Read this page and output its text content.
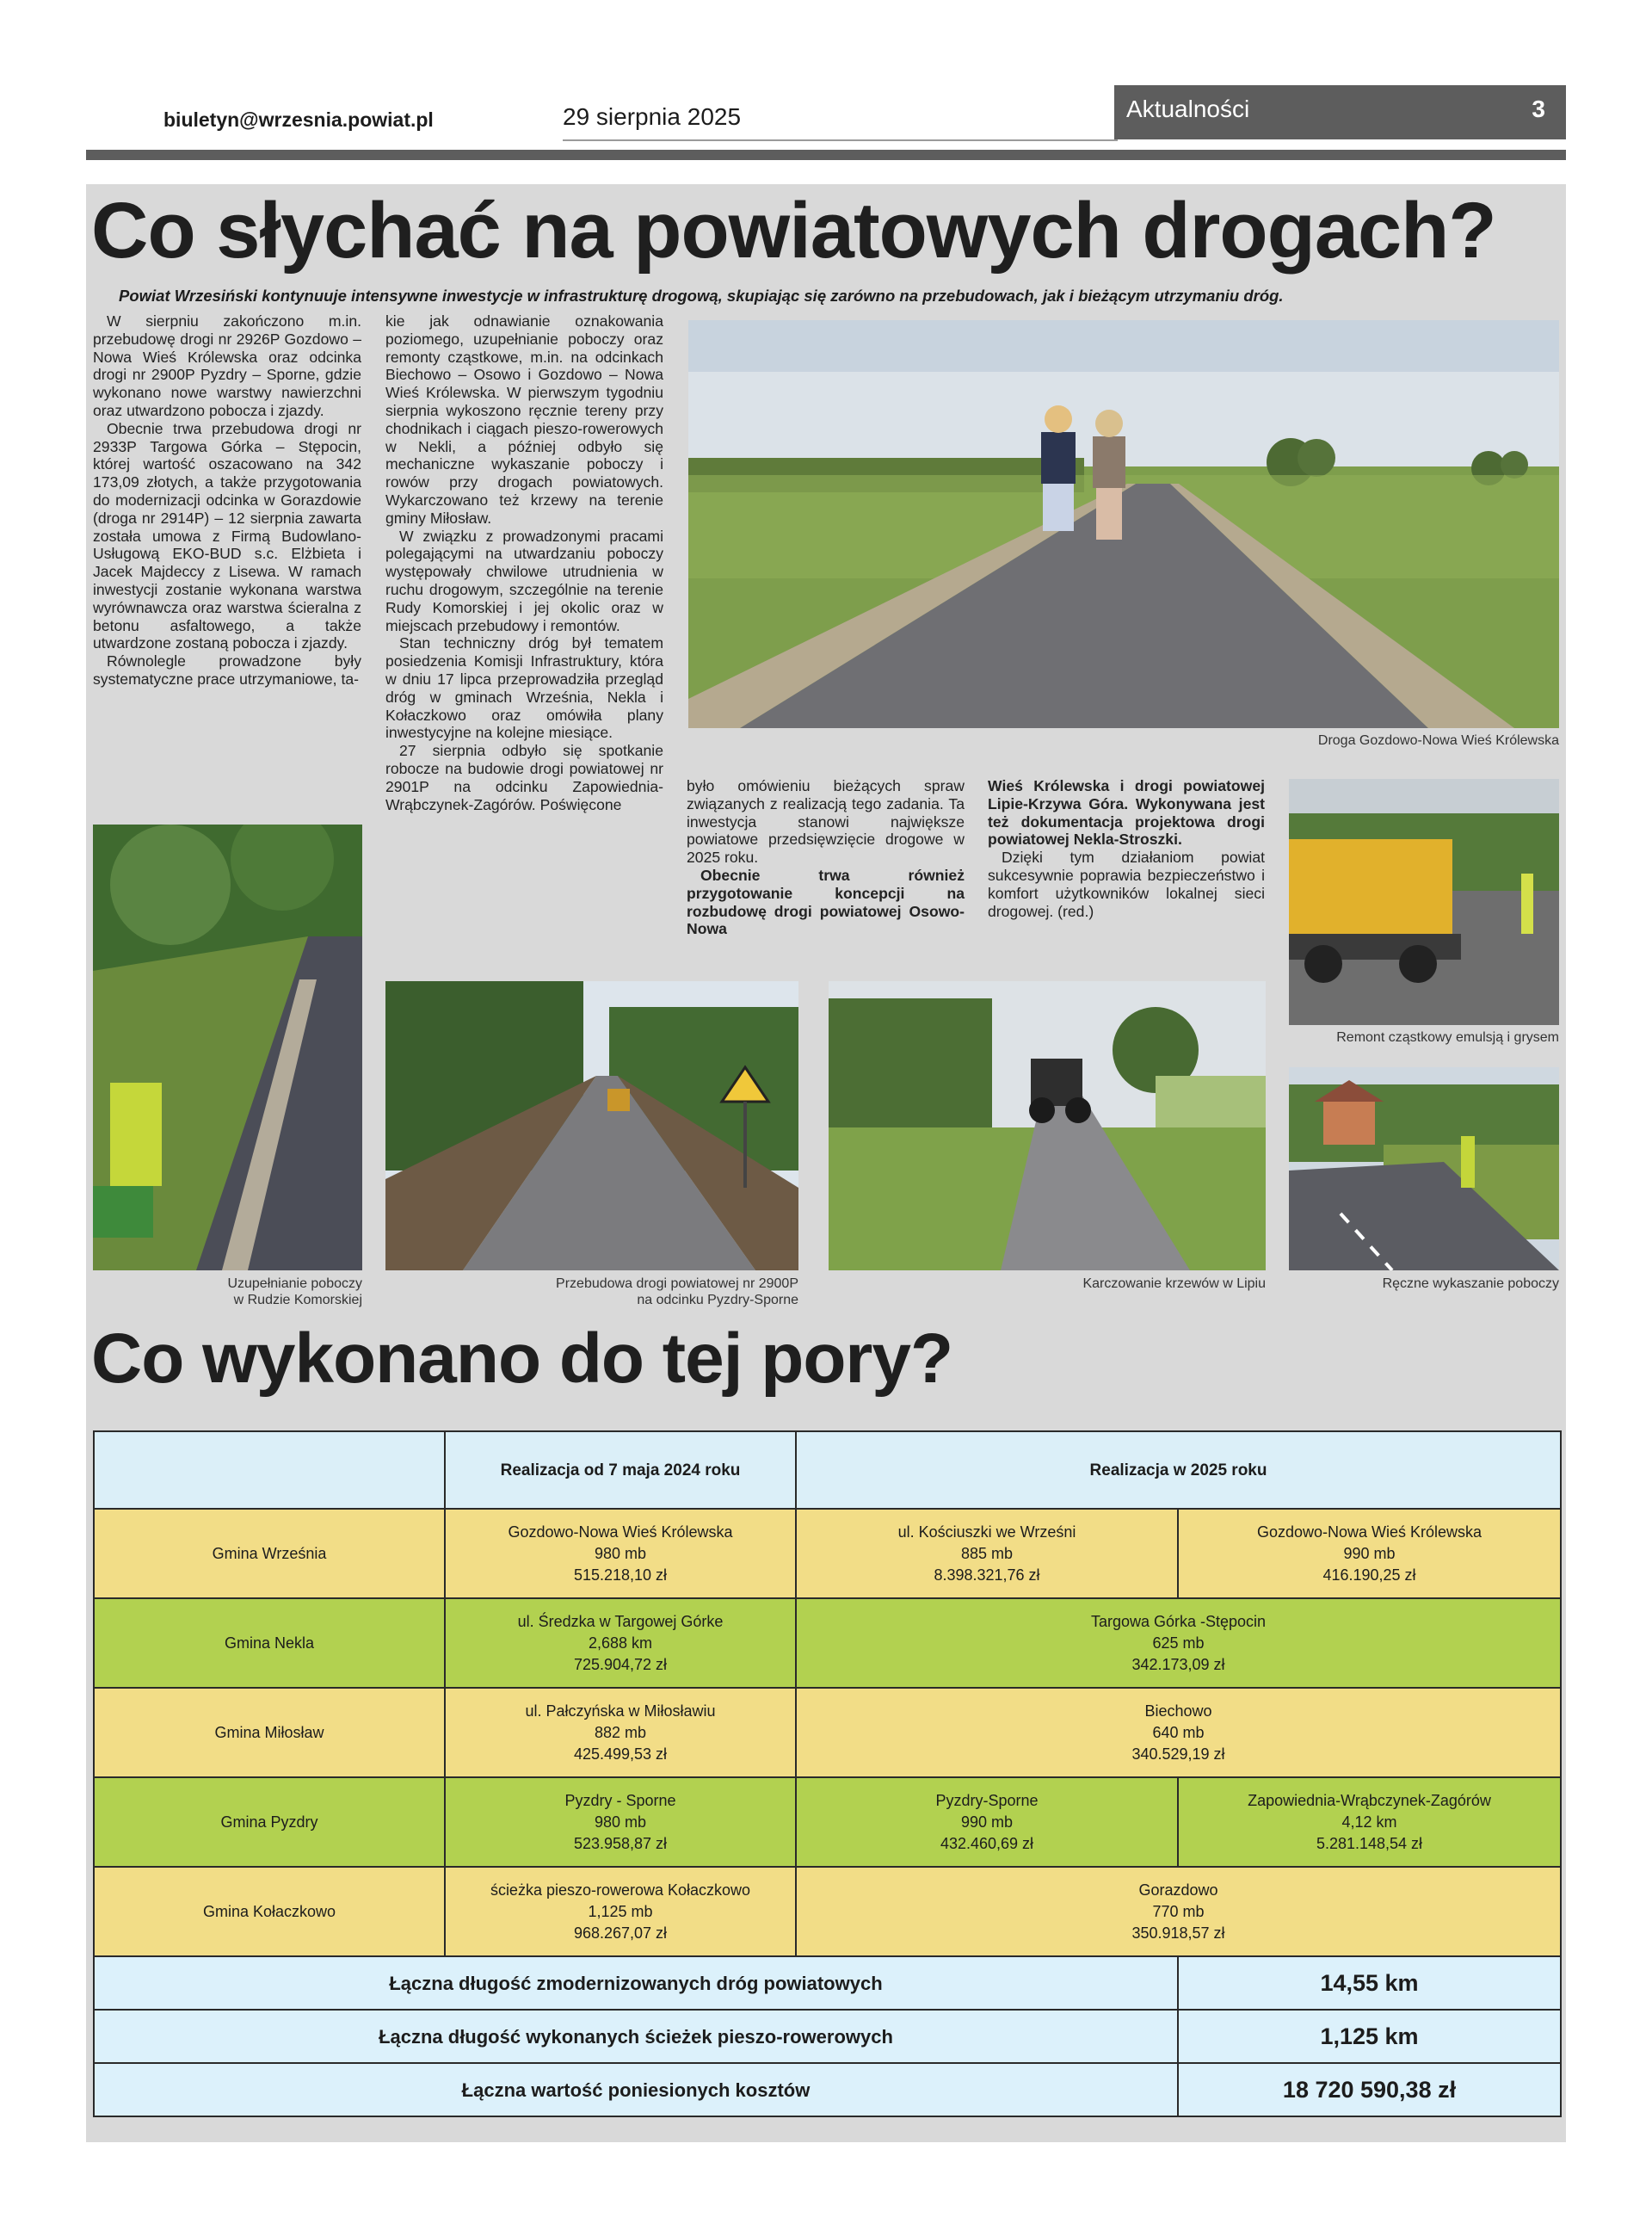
biuletyn@wrzesnia.powiat.pl	29 sierpnia 2025	Aktualności	3
Co słychać na powiatowych drogach?
Powiat Wrzesiński kontynuuje intensywne inwestycje w infrastrukturę drogową, skupiając się zarówno na przebudowach, jak i bieżącym utrzymaniu dróg.

W sierpniu zakończono m.in. przebudowę drogi nr 2926P Gozdowo – Nowa Wieś Królewska oraz odcinka drogi nr 2900P Pyzdry – Sporne, gdzie wykonano nowe warstwy nawierzchni oraz utwardzono pobocza i zjazdy.

Obecnie trwa przebudowa drogi nr 2933P Targowa Górka – Stępocin, której wartość oszacowano na 342 173,09 złotych, a także przygotowania do modernizacji odcinka w Gorazdowie (droga nr 2914P) – 12 sierpnia zawarta została umowa z Firmą Budowlano-Usługową EKO-BUD s.c. Elżbieta i Jacek Majdeccy z Lisewa. W ramach inwestycji zostanie wykonana warstwa wyrównawcza oraz warstwa ścieralna z betonu asfaltowego, a także utwardzone zostaną pobocza i zjazdy.

Równolegle prowadzone były systematyczne prace utrzymaniowe, ta-

kie jak odnawianie oznakowania poziomego, uzupełnianie poboczy oraz remonty cząstkowe, m.in. na odcinkach Biechowo – Osowo i Gozdowo – Nowa Wieś Królewska. W pierwszym tygodniu sierpnia wykoszono ręcznie tereny przy chodnikach i ciągach pieszo-rowerowych w Nekli, a później odbyło się mechaniczne wykaszanie poboczy i rowów przy drogach powiatowych. Wykarczowano też krzewy na terenie gminy Miłosław.

W związku z prowadzonymi pracami polegającymi na utwardzaniu poboczy występowały chwilowe utrudnienia w ruchu drogowym, szczególnie na terenie Rudy Komorskiej i jej okolic oraz w miejscach przebudowy i remontów.

Stan techniczny dróg był tematem posiedzenia Komisji Infrastruktury, która w dniu 17 lipca przeprowadziła przegląd dróg w gminach Września, Nekla i Kołaczkowo oraz omówiła plany inwestycyjne na kolejne miesiące.

27 sierpnia odbyło się spotkanie robocze na budowie drogi powiatowej nr 2901P na odcinku Zapowiednia-Wrąbczynek-Zagórów. Poświęcone

było omówieniu bieżących spraw związanych z realizacją tego zadania. Ta inwestycja stanowi największe powiatowe przedsięwzięcie drogowe w 2025 roku.

Obecnie trwa również przygotowanie koncepcji na rozbudowę drogi powiatowej Osowo-Nowa

Wieś Królewska i drogi powiatowej Lipie-Krzywa Góra. Wykonywana jest też dokumentacja projektowa drogi powiatowej Nekla-Stroszki.

Dzięki tym działaniom powiat sukcesywnie poprawia bezpieczeństwo i komfort użytkowników lokalnej sieci drogowej. (red.)

Droga Gozdowo-Nowa Wieś Królewska
Remont cząstkowy emulsją i grysem
Uzupełnianie poboczy
w Rudzie Komorskiej
Przebudowa drogi powiatowej nr 2900P
na odcinku Pyzdry-Sporne
Karczowanie krzewów w Lipiu	Ręczne wykaszanie poboczy
Co wykonano do tej pory?
	Realizacja od 7 maja 2024 roku	Realizacja w 2025 roku	
Gmina Września	Gozdowo-Nowa Wieś Królewska
980 mb
515.218,10 zł	ul. Kościuszki we Wrześni
885 mb
8.398.321,76 zł	Gozdowo-Nowa Wieś Królewska
990 mb
416.190,25 zł

Gmina Nekla	ul. Średzka w Targowej Górke
2,688 km
725.904,72 zł	Targowa Górka -Stępocin
625 mb
342.173,09 zł	

Gmina Miłosław	ul. Pałczyńska w Miłosławiu
882 mb
425.499,53 zł	Biechowo
640 mb
340.529,19 zł	

Gmina Pyzdry	Pyzdry - Sporne
980 mb
523.958,87 zł	Pyzdry-Sporne
990 mb
432.460,69 zł	Zapowiednia-Wrąbczynek-Zagórów
4,12 km
5.281.148,54 zł

Gmina Kołaczkowo	ścieżka pieszo-rowerowa Kołaczkowo
1,125 mb
968.267,07 zł	Gorazdowo
770 mb
350.918,57 zł	

Łączna długość zmodernizowanych dróg powiatowych			14,55 km
Łączna długość wykonanych ścieżek pieszo-rowerowych			1,125 km
Łączna wartość poniesionych kosztów			18 720 590,38 zł
